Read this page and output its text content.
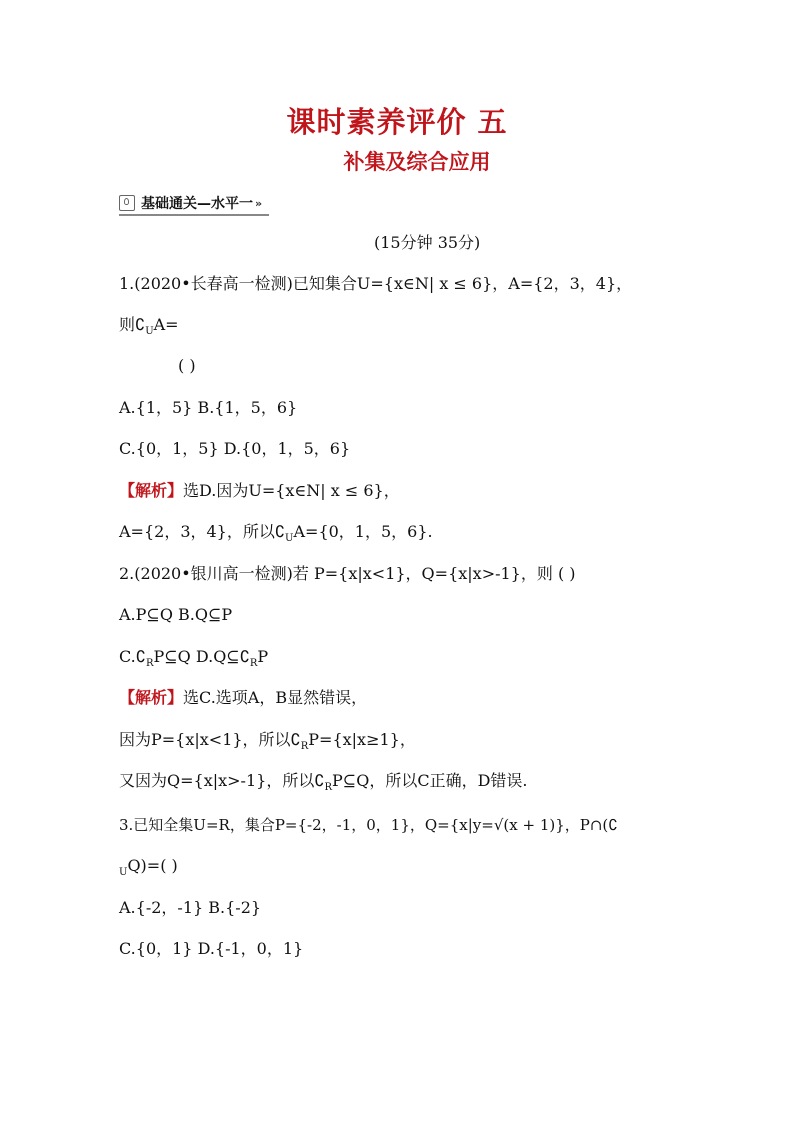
课时素养评价 五
补集及综合应用
基础通关—水平一 »
(15分钟 35分)
1.(2020•长春高一检测)已知集合U={x∈N| x ≤ 6}，A={2，3，4}，
则$∁_UA=$
( )
A.{1，5} B.{1，5，6}
C.{0，1，5} D.{0，1，5，6}
【解析】选D.因为U={x∈N| x ≤ 6}，
A={2，3，4}，所以$∁_UA=\{0$，1，5，6}.
2.(2020•银川高一检测)若 P={x|x<1}，Q={x|x>-1}，则 ( )
A.P⊆Q B.Q⊆P
$C.∁_RP⊆Q$ $D.Q⊆∁_RP$
【解析】选C.选项A，B显然错误，
因为P={x|x<1}，所以$∁_RP=\{x|x\ge 1\}$，
又因为Q={x|x>-1}，所以$∁_RP⊆Q$，所以C正确，D错误.
3.已知全集U=R，集合P={-2，-1，0，1}，Q={x|y=√(x + 1)}，P∩(∁
$_U$Q)=( )
A.{-2，-1} B.{-2}
C.{0，1} D.{-1，0，1}
